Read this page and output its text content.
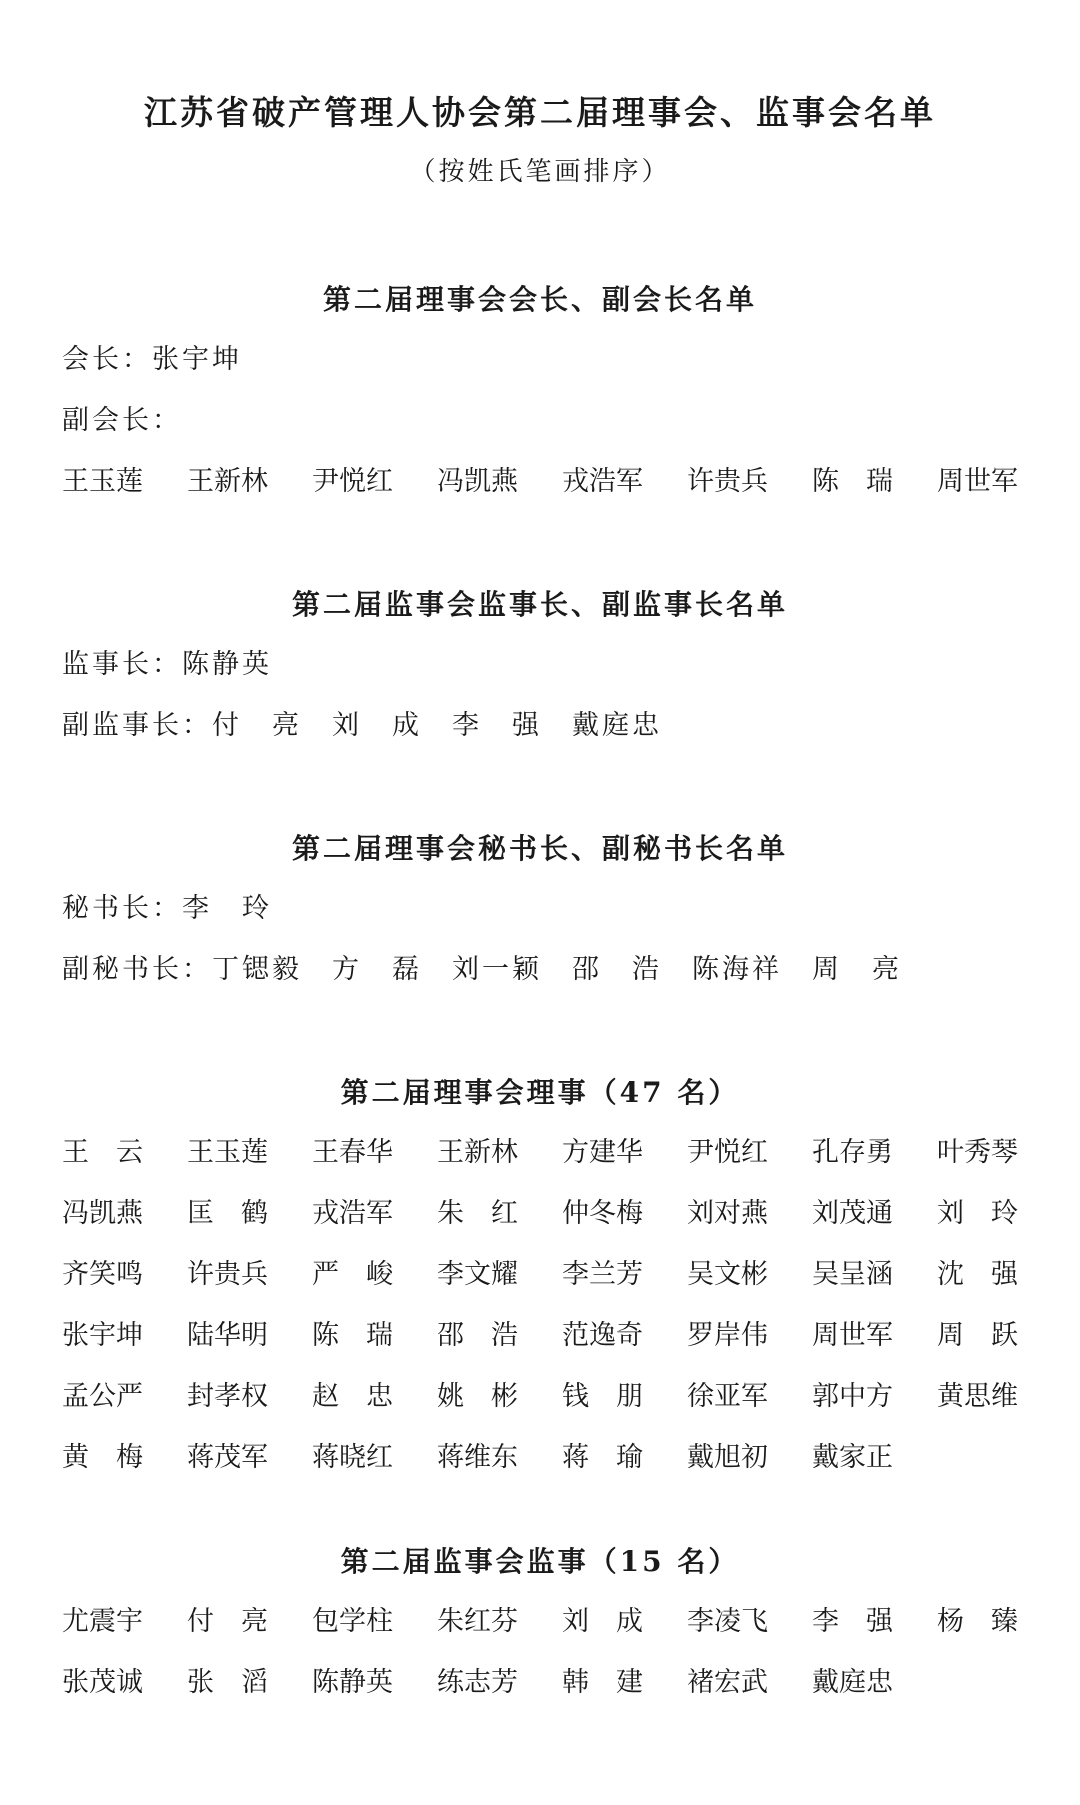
江苏省破产管理人协会第二届理事会、监事会名单
（按姓氏笔画排序）
第二届理事会会长、副会长名单
会长：张宇坤
副会长：
王玉莲 王新林 尹悦红 冯凯燕 戎浩军 许贵兵 陈　瑞 周世军
第二届监事会监事长、副监事长名单
监事长：陈静英
副监事长：付　亮 刘　成 李　强 戴庭忠
第二届理事会秘书长、副秘书长名单
秘书长：李　玲
副秘书长：丁锶毅 方　磊 刘一颖 邵　浩 陈海祥 周　亮
第二届理事会理事（47 名）
王　云 王玉莲 王春华 王新林 方建华 尹悦红 孔存勇 叶秀琴
冯凯燕 匡　鹤 戎浩军 朱　红 仲冬梅 刘对燕 刘茂通 刘　玲
齐笑鸣 许贵兵 严　峻 李文耀 李兰芳 吴文彬 吴呈涵 沈　强
张宇坤 陆华明 陈　瑞 邵　浩 范逸奇 罗岸伟 周世军 周　跃
孟公严 封孝权 赵　忠 姚　彬 钱　朋 徐亚军 郭中方 黄思维
黄　梅 蒋茂军 蒋晓红 蒋维东 蒋　瑜 戴旭初 戴家正
第二届监事会监事（15 名）
尤震宇 付　亮 包学柱 朱红芬 刘　成 李凌飞 李　强 杨　臻
张茂诚 张　滔 陈静英 练志芳 韩　建 褚宏武 戴庭忠
